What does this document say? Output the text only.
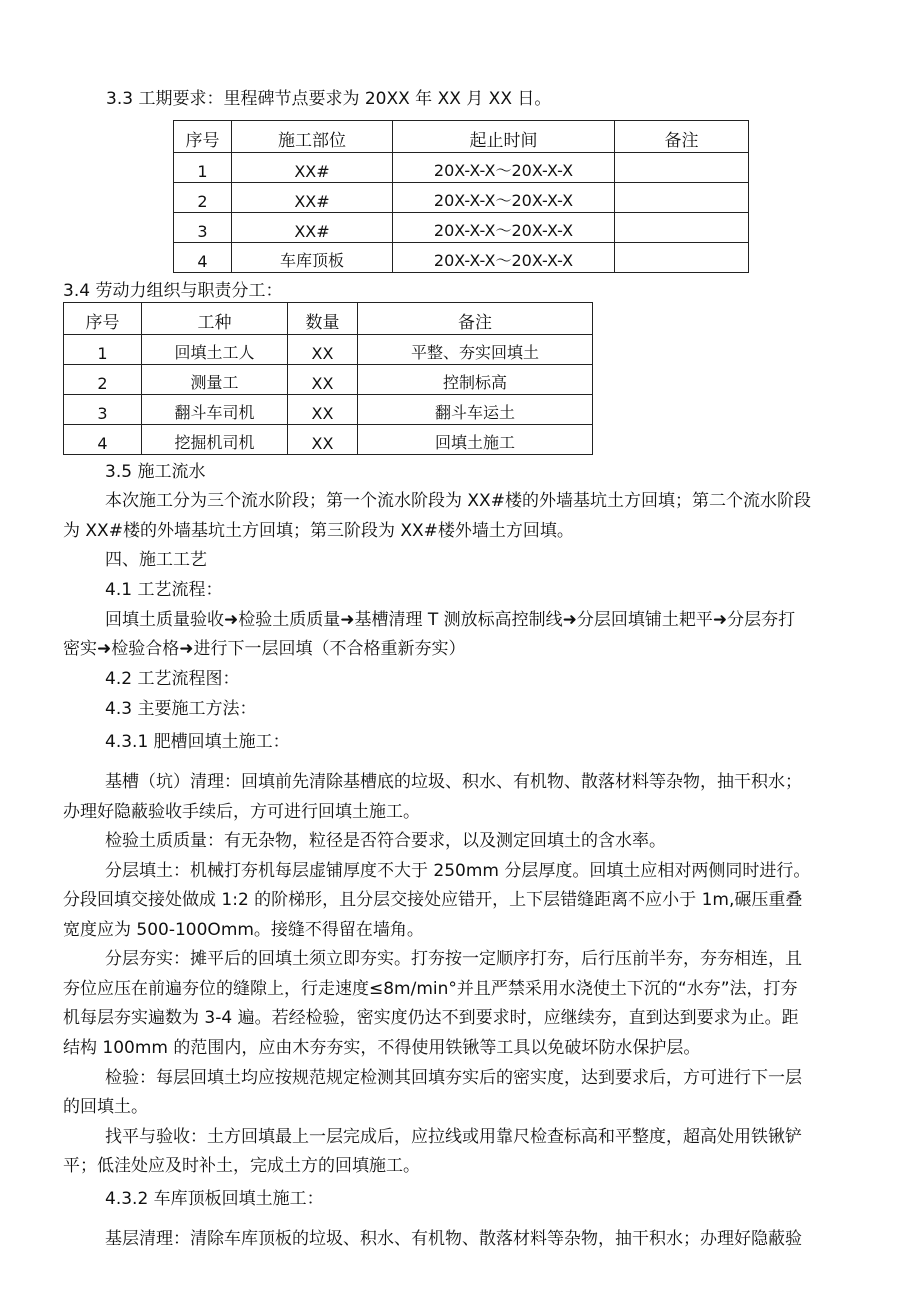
3.3 工期要求：里程碑节点要求为 20XX 年 XX 月 XX 日。
序号	施工部位	起止时间	备注
1	XX#	20X-X-X～20X-X-X	
2	XX#	20X-X-X～20X-X-X	
3	XX#	20X-X-X～20X-X-X	
4	车库顶板	20X-X-X～20X-X-X	
3.4 劳动力组织与职责分工：
序号	工种	数量	备注
1	回填土工人	XX	平整、夯实回填土
2	测量工	XX	控制标高
3	翻斗车司机	XX	翻斗车运土
4	挖掘机司机	XX	回填土施工
3.5 施工流水
本次施工分为三个流水阶段；第一个流水阶段为 XX#楼的外墙基坑土方回填；第二个流水阶段
为 XX#楼的外墙基坑土方回填；第三阶段为 XX#楼外墙土方回填。
四、施工工艺
4.1 工艺流程：
回填土质量验收➜检验土质质量➜基槽清理 T 测放标高控制线➜分层回填铺土耙平➜分层夯打
密实➜检验合格➜进行下一层回填（不合格重新夯实）
4.2 工艺流程图：
4.3 主要施工方法：
4.3.1 肥槽回填土施工：
基槽（坑）清理：回填前先清除基槽底的垃圾、积水、有机物、散落材料等杂物，抽干积水；
办理好隐蔽验收手续后，方可进行回填土施工。
检验土质质量：有无杂物，粒径是否符合要求，以及测定回填土的含水率。
分层填土：机械打夯机每层虚铺厚度不大于 250mm 分层厚度。回填土应相对两侧同时进行。
分段回填交接处做成 1:2 的阶梯形，且分层交接处应错开，上下层错缝距离不应小于 1m,碾压重叠
宽度应为 500-100Omm。接缝不得留在墙角。
分层夯实：摊平后的回填土须立即夯实。打夯按一定顺序打夯，后行压前半夯，夯夯相连，且
夯位应压在前遍夯位的缝隙上，行走速度≤8m∕min°并且严禁采用水浇使土下沉的“水夯”法，打夯
机每层夯实遍数为 3-4 遍。若经检验，密实度仍达不到要求时，应继续夯，直到达到要求为止。距
结构 100mm 的范围内，应由木夯夯实，不得使用铁锹等工具以免破坏防水保护层。
检验：每层回填土均应按规范规定检测其回填夯实后的密实度，达到要求后，方可进行下一层
的回填土。
找平与验收：土方回填最上一层完成后，应拉线或用靠尺检查标高和平整度，超高处用铁锹铲
平；低洼处应及时补土，完成土方的回填施工。
4.3.2 车库顶板回填土施工：
基层清理：清除车库顶板的垃圾、积水、有机物、散落材料等杂物，抽干积水；办理好隐蔽验
